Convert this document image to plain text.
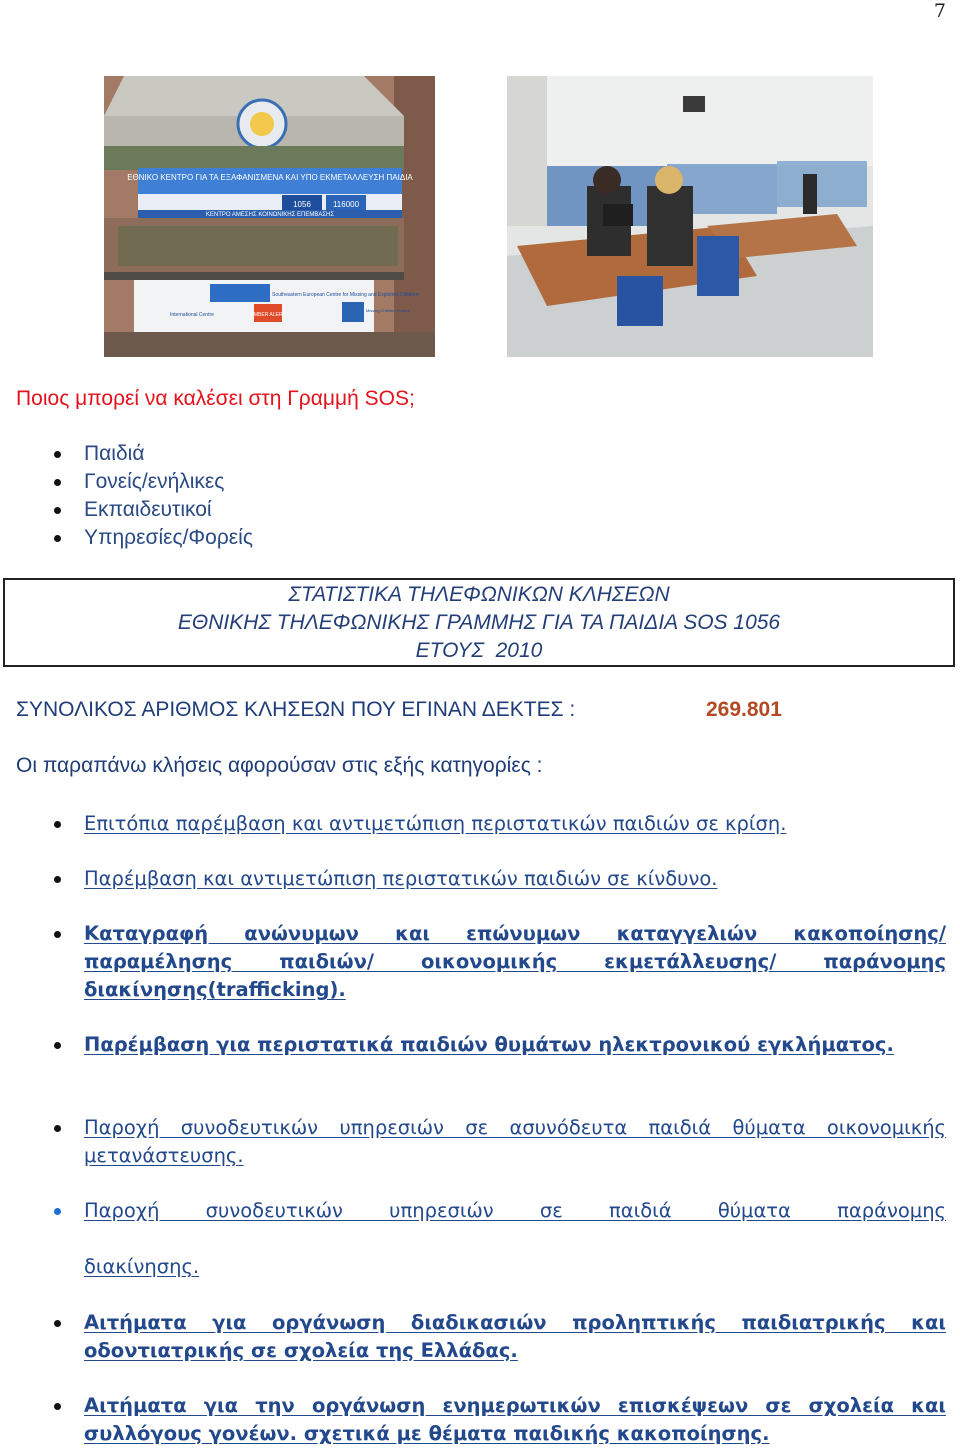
7
ΕΘΝΙΚΟ ΚΕΝΤΡΟ ΓΙΑ ΤΑ ΕΞΑΦΑΝΙΣΜΕΝΑ ΚΑΙ ΥΠΟ ΕΚΜΕΤΑΛΛΕΥΣΗ ΠΑΙΔΙΑ
1056	116000
ΚΕΝΤΡΟ ΑΜΕΣΗΣ ΚΟΙΝΩΝΙΚΗΣ ΕΠΕΜΒΑΣΗΣ
Southeastern European Centre for Missing and Exploited Children
International Centre	AMBER ALERT
Missing Children Europe
Ποιος μπορεί να καλέσει στη Γραμμή SOS;
Παιδιά
Γονείς/ενήλικες
Εκπαιδευτικοί
Υπηρεσίες/Φορείς
ΣΤΑΤΙΣΤΙΚΑ ΤΗΛΕΦΩΝΙΚΩΝ ΚΛΗΣΕΩΝ
ΕΘΝΙΚΗΣ ΤΗΛΕΦΩΝΙΚΗΣ ΓΡΑΜΜΗΣ ΓΙΑ ΤΑ ΠΑΙΔΙΑ SOS 1056
ΕΤΟΥΣ  2010
ΣΥΝΟΛΙΚΟΣ ΑΡΙΘΜΟΣ ΚΛΗΣΕΩΝ ΠΟΥ ΕΓΙΝΑΝ ΔΕΚΤΕΣ :	269.801
Οι παραπάνω κλήσεις αφορούσαν στις εξής κατηγορίες :
Επιτόπια παρέμβαση και αντιμετώπιση περιστατικών παιδιών σε κρίση.
Παρέμβαση και αντιμετώπιση περιστατικών παιδιών σε κίνδυνο.
Καταγραφή ανώνυμων και επώνυμων καταγγελιών κακοποίησης/ παραμέλησης παιδιών/ οικονομικής εκμετάλλευσης/ παράνομης διακίνησης(trafficking).
Παρέμβαση για περιστατικά παιδιών θυμάτων ηλεκτρονικού εγκλήματος.
Παροχή συνοδευτικών υπηρεσιών σε ασυνόδευτα παιδιά θύματα οικονομικής μετανάστευσης.
Παροχή συνοδευτικών υπηρεσιών σε παιδιά θύματα παράνομης
διακίνησης.
Αιτήματα για οργάνωση διαδικασιών προληπτικής παιδιατρικής και οδοντιατρικής σε σχολεία της Ελλάδας.
Αιτήματα για την οργάνωση ενημερωτικών επισκέψεων σε σχολεία και συλλόγους γονέων. σχετικά με θέματα παιδικής κακοποίησης.
